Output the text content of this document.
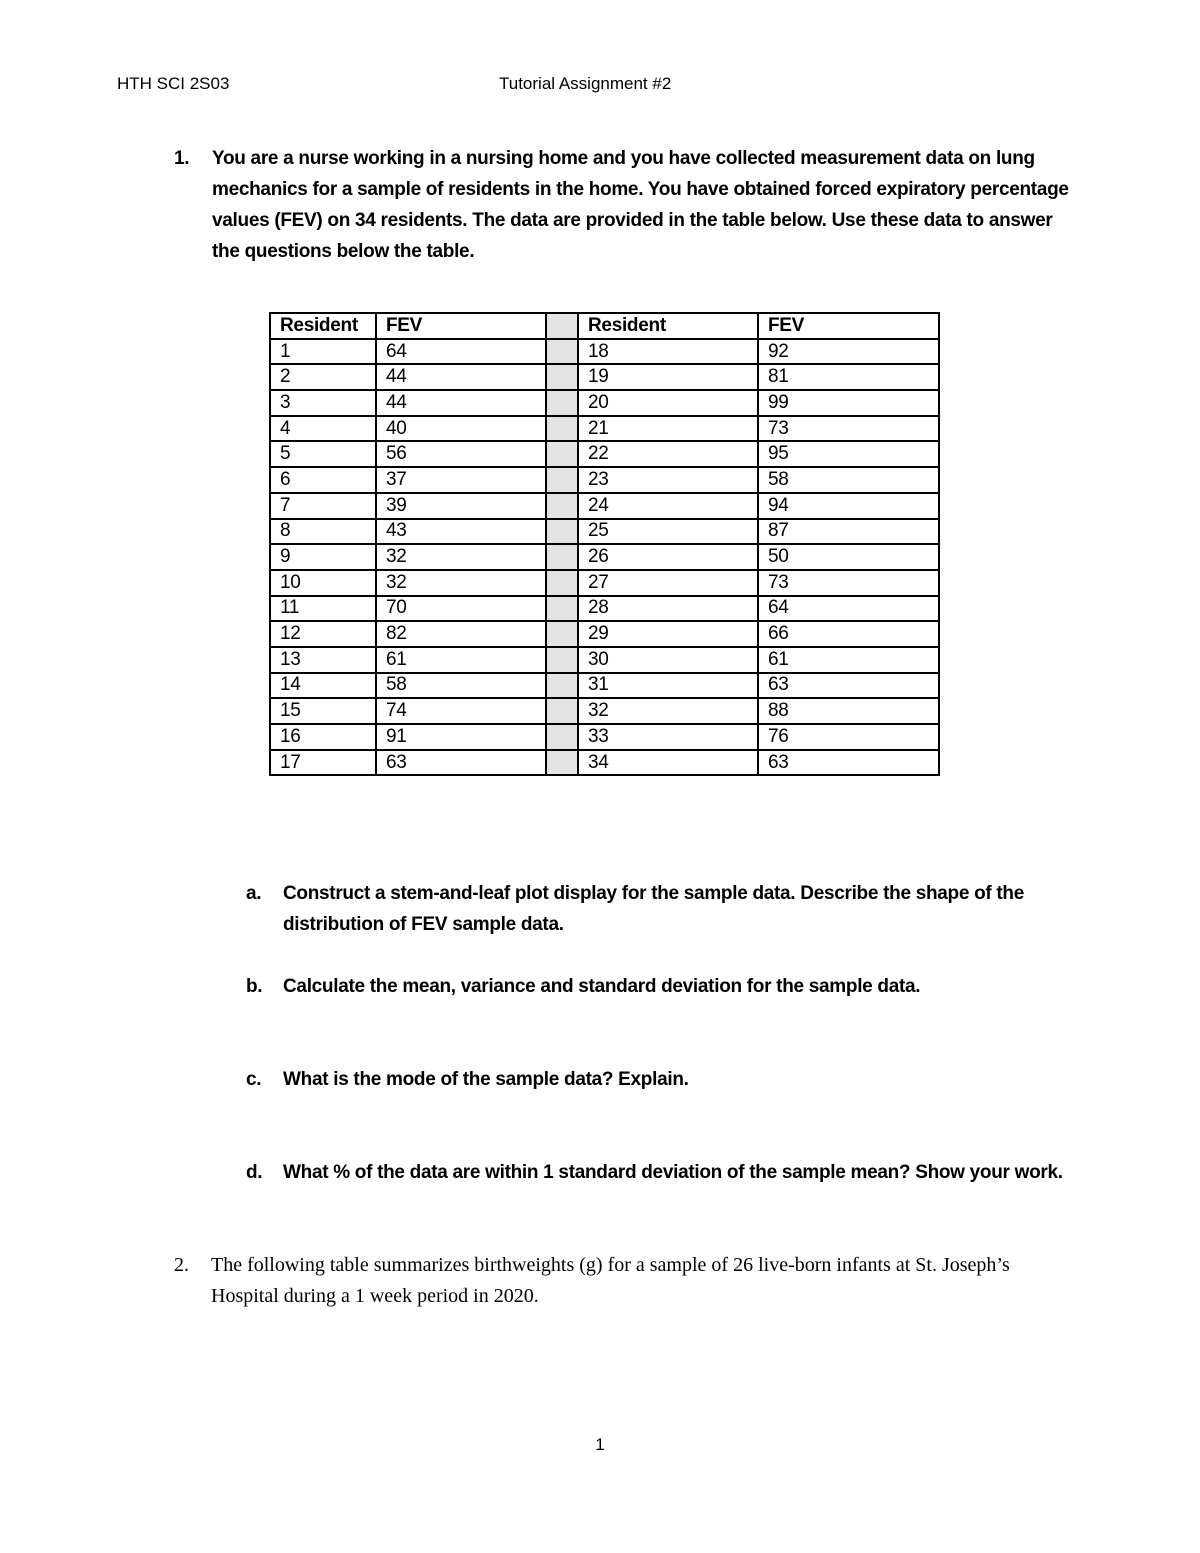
HTH SCI 2S03	Tutorial Assignment #2
1. You are a nurse working in a nursing home and you have collected measurement data on lung mechanics for a sample of residents in the home. You have obtained forced expiratory percentage values (FEV) on 34 residents. The data are provided in the table below. Use these data to answer the questions below the table.
Resident	FEV		Resident	FEV
1	64		18	92
2	44		19	81
3	44		20	99
4	40		21	73
5	56		22	95
6	37		23	58
7	39		24	94
8	43		25	87
9	32		26	50
10	32		27	73
11	70		28	64
12	82		29	66
13	61		30	61
14	58		31	63
15	74		32	88
16	91		33	76
17	63		34	63
a. Construct a stem-and-leaf plot display for the sample data. Describe the shape of the distribution of FEV sample data.
b. Calculate the mean, variance and standard deviation for the sample data.
c. What is the mode of the sample data? Explain.
d. What % of the data are within 1 standard deviation of the sample mean? Show your work.
2. The following table summarizes birthweights (g) for a sample of 26 live-born infants at St. Joseph’s Hospital during a 1 week period in 2020.
1
